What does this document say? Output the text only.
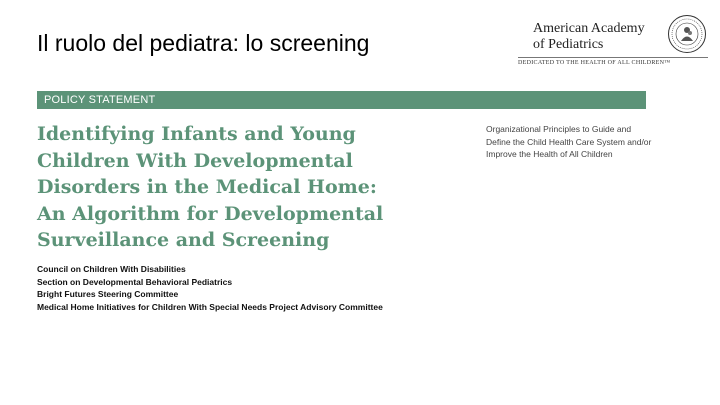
Il ruolo del pediatra: lo screening
American Academy
of Pediatrics
DEDICATED TO THE HEALTH OF ALL CHILDREN™
POLICY STATEMENT
Identifying Infants and Young
Children With Developmental
Disorders in the Medical Home:
An Algorithm for Developmental
Surveillance and Screening
Council on Children With Disabilities
Section on Developmental Behavioral Pediatrics
Bright Futures Steering Committee
Medical Home Initiatives for Children With Special Needs Project Advisory Committee
Organizational Principles to Guide and
Define the Child Health Care System and/or
Improve the Health of All Children
